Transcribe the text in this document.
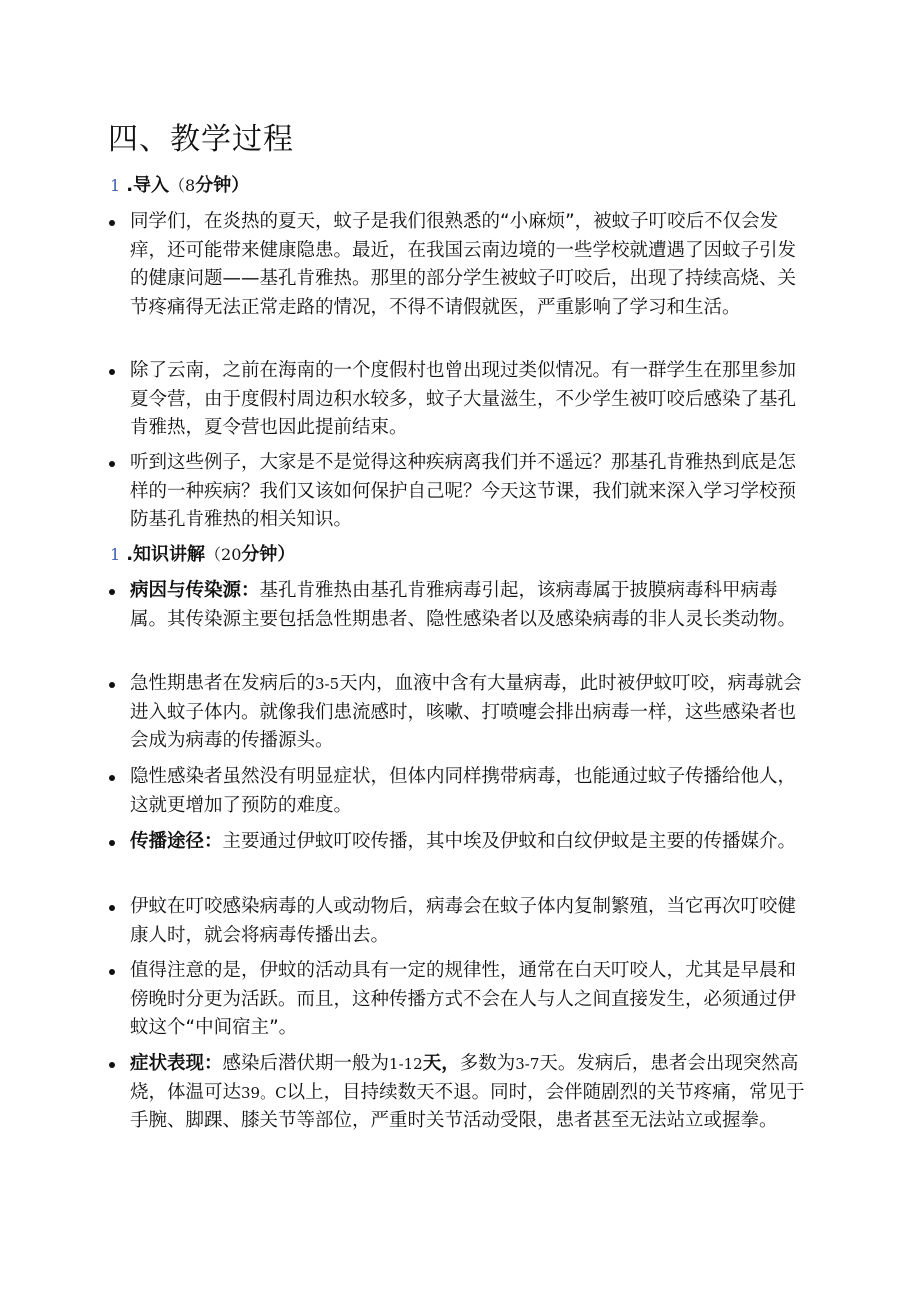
四、教学过程
1 .导入（8分钟）

同学们，在炎热的夏天，蚊子是我们很熟悉的“小麻烦”，被蚊子叮咬后不仅会发痒，还可能带来健康隐患。最近，在我国云南边境的一些学校就遭遇了因蚊子引发的健康问题——基孔肯雅热。那里的部分学生被蚊子叮咬后，出现了持续高烧、关节疼痛得无法正常走路的情况，不得不请假就医，严重影响了学习和生活。

除了云南，之前在海南的一个度假村也曾出现过类似情况。有一群学生在那里参加夏令营，由于度假村周边积水较多，蚊子大量滋生，不少学生被叮咬后感染了基孔肯雅热，夏令营也因此提前结束。

听到这些例子，大家是不是觉得这种疾病离我们并不遥远？那基孔肯雅热到底是怎样的一种疾病？我们又该如何保护自己呢？今天这节课，我们就来深入学习学校预防基孔肯雅热的相关知识。

1 .知识讲解（20分钟）

病因与传染源：基孔肯雅热由基孔肯雅病毒引起，该病毒属于披膜病毒科甲病毒属。其传染源主要包括急性期患者、隐性感染者以及感染病毒的非人灵长类动物。

急性期患者在发病后的3-5天内，血液中含有大量病毒，此时被伊蚊叮咬，病毒就会进入蚊子体内。就像我们患流感时，咳嗽、打喷嚏会排出病毒一样，这些感染者也会成为病毒的传播源头。

隐性感染者虽然没有明显症状，但体内同样携带病毒，也能通过蚊子传播给他人，这就更增加了预防的难度。

传播途径：主要通过伊蚊叮咬传播，其中埃及伊蚊和白纹伊蚊是主要的传播媒介。

伊蚊在叮咬感染病毒的人或动物后，病毒会在蚊子体内复制繁殖，当它再次叮咬健康人时，就会将病毒传播出去。

值得注意的是，伊蚊的活动具有一定的规律性，通常在白天叮咬人，尤其是早晨和傍晚时分更为活跃。而且，这种传播方式不会在人与人之间直接发生，必须通过伊蚊这个“中间宿主”。

症状表现：感染后潜伏期一般为1-12天，多数为3-7天。发病后，患者会出现突然高烧，体温可达39。C以上，目持续数天不退。同时，会伴随剧烈的关节疼痛，常见于手腕、脚踝、膝关节等部位，严重时关节活动受限，患者甚至无法站立或握拳。
